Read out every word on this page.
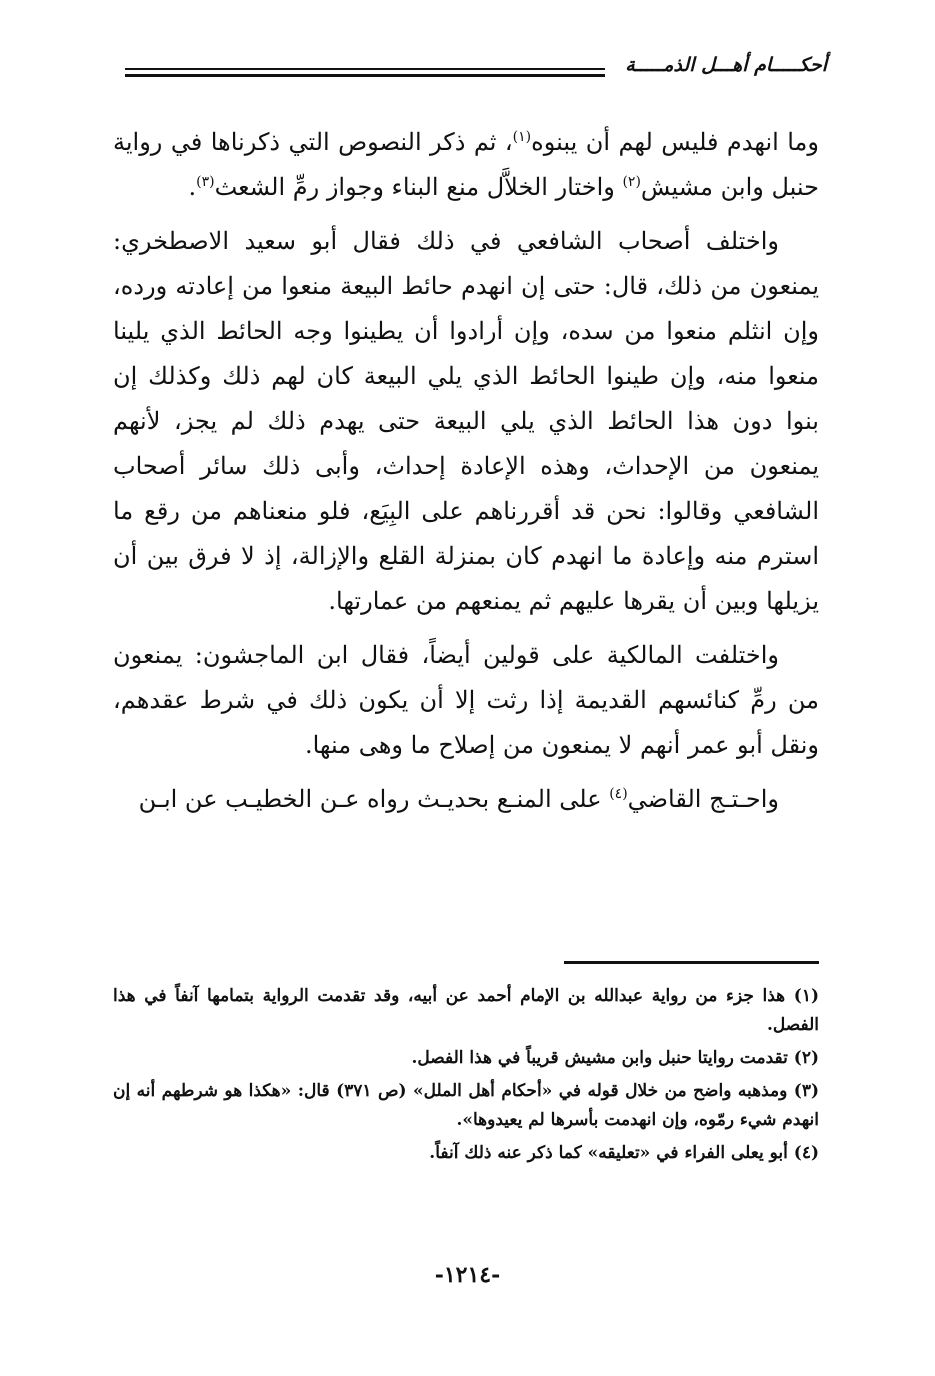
أحكـــــام أهـــل الذمـــــة

وما انهدم فليس لهم أن يبنوه$^{(١)}$، ثم ذكر النصوص التي ذكرناها في رواية حنبل وابن مشيش$^{(٢)}$ واختار الخلاَّل منع البناء وجواز رمِّ الشعث$^{(٣)}$.

واختلف أصحاب الشافعي في ذلك فقال أبو سعيد الاصطخري: يمنعون من ذلك، قال: حتى إن انهدم حائط البيعة منعوا من إعادته ورده، وإن انثلم منعوا من سده، وإن أرادوا أن يطينوا وجه الحائط الذي يلينا منعوا منه، وإن طينوا الحائط الذي يلي البيعة كان لهم ذلك وكذلك إن بنوا دون هذا الحائط الذي يلي البيعة حتى يهدم ذلك لم يجز، لأنهم يمنعون من الإحداث، وهذه الإعادة إحداث، وأبى ذلك سائر أصحاب الشافعي وقالوا: نحن قد أقررناهم على البِيَع، فلو منعناهم من رقع ما استرم منه وإعادة ما انهدم كان بمنزلة القلع والإزالة، إذ لا فرق بين أن يزيلها وبين أن يقرها عليهم ثم يمنعهم من عمارتها.

واختلفت المالكية على قولين أيضاً، فقال ابن الماجشون: يمنعون من رمِّ كنائسهم القديمة إذا رثت إلا أن يكون ذلك في شرط عقدهم، ونقل أبو عمر أنهم لا يمنعون من إصلاح ما وهى منها.

واحـتـج القاضي$^{(٤)}$ على المنـع بحديـث رواه عـن الخطيـب عن ابـن

(١) هذا جزء من رواية عبدالله بن الإمام أحمد عن أبيه، وقد تقدمت الرواية بتمامها آنفاً في هذا الفصل.

(٢) تقدمت روايتا حنبل وابن مشيش قريباً في هذا الفصل.

(٣) ومذهبه واضح من خلال قوله في «أحكام أهل الملل» (ص ٣٧١) قال: «هكذا هو شرطهم أنه إن انهدم شيء رمّوه، وإن انهدمت بأسرها لم يعيدوها».

(٤) أبو يعلى الفراء في «تعليقه» كما ذكر عنه ذلك آنفاً.

-١٢١٤-
